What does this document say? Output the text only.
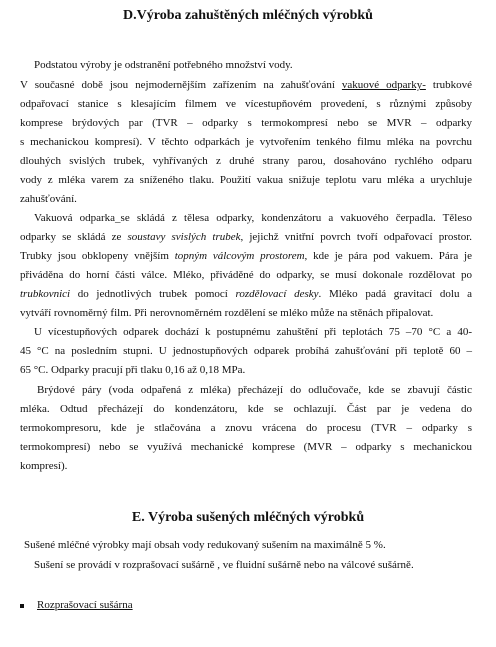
D.Výroba zahuštěných mléčných výrobků
Podstatou výroby je odstranění potřebného množství vody.
V současné době jsou nejmodernějším zařízením na zahušťování vakuové odparky- trubkové
odpařovací stanice s klesajícím filmem ve vícestupňovém provedení, s různými způsoby
komprese brýdových par (TVR – odparky s termokompresí nebo se MVR – odparky
s mechanickou kompresí). V těchto odparkách je vytvořením tenkého filmu mléka na povrchu
dlouhých svislých trubek, vyhřívaných z druhé strany parou, dosahováno rychlého odparu
vody z mléka varem za sníženého tlaku. Použití vakua snižuje teplotu varu mléka a urychluje
zahušťování.
Vakuová odparka_se skládá z tělesa odparky, kondenzátoru a vakuového čerpadla. Těleso
odparky se skládá ze soustavy svislých trubek, jejichž vnitřní povrch tvoří odpařovací prostor.
Trubky jsou obklopeny vnějším topným válcovým prostorem, kde je pára pod vakuem. Pára je
přiváděna do horní části válce. Mléko, přiváděné do odparky, se musí dokonale rozdělovat po
trubkovnici do jednotlivých trubek pomocí rozdělovací desky. Mléko padá gravitací dolu a
vytváří rovnoměrný film. Při nerovnoměrném rozdělení se mléko může na stěnách připalovat.
U vícestupňových odparek dochází k postupnému zahuštění při teplotách 75 –70 °C a 40-
45 °C na posledním stupni. U jednostupňových odparek probíhá zahušťování při teplotě 60 –
65 °C. Odparky pracují při tlaku 0,16 až 0,18 MPa.
Brýdové páry (voda odpařená z mléka) přecházejí do odlučovače, kde se zbavují částic
mléka. Odtud přecházejí do kondenzátoru, kde se ochlazují. Část par je vedena do
termokompresoru, kde je stlačována a znovu vrácena do procesu (TVR – odparky s
termokompresí) nebo se využívá mechanické komprese (MVR – odparky s mechanickou
kompresí).
E. Výroba sušených mléčných výrobků
Sušené mléčné výrobky mají obsah vody redukovaný sušením na maximálně 5 %.
Sušení se provádí v rozprašovací sušárně , ve fluidní sušárně nebo na válcové sušárně.
Rozprašovací sušárna
